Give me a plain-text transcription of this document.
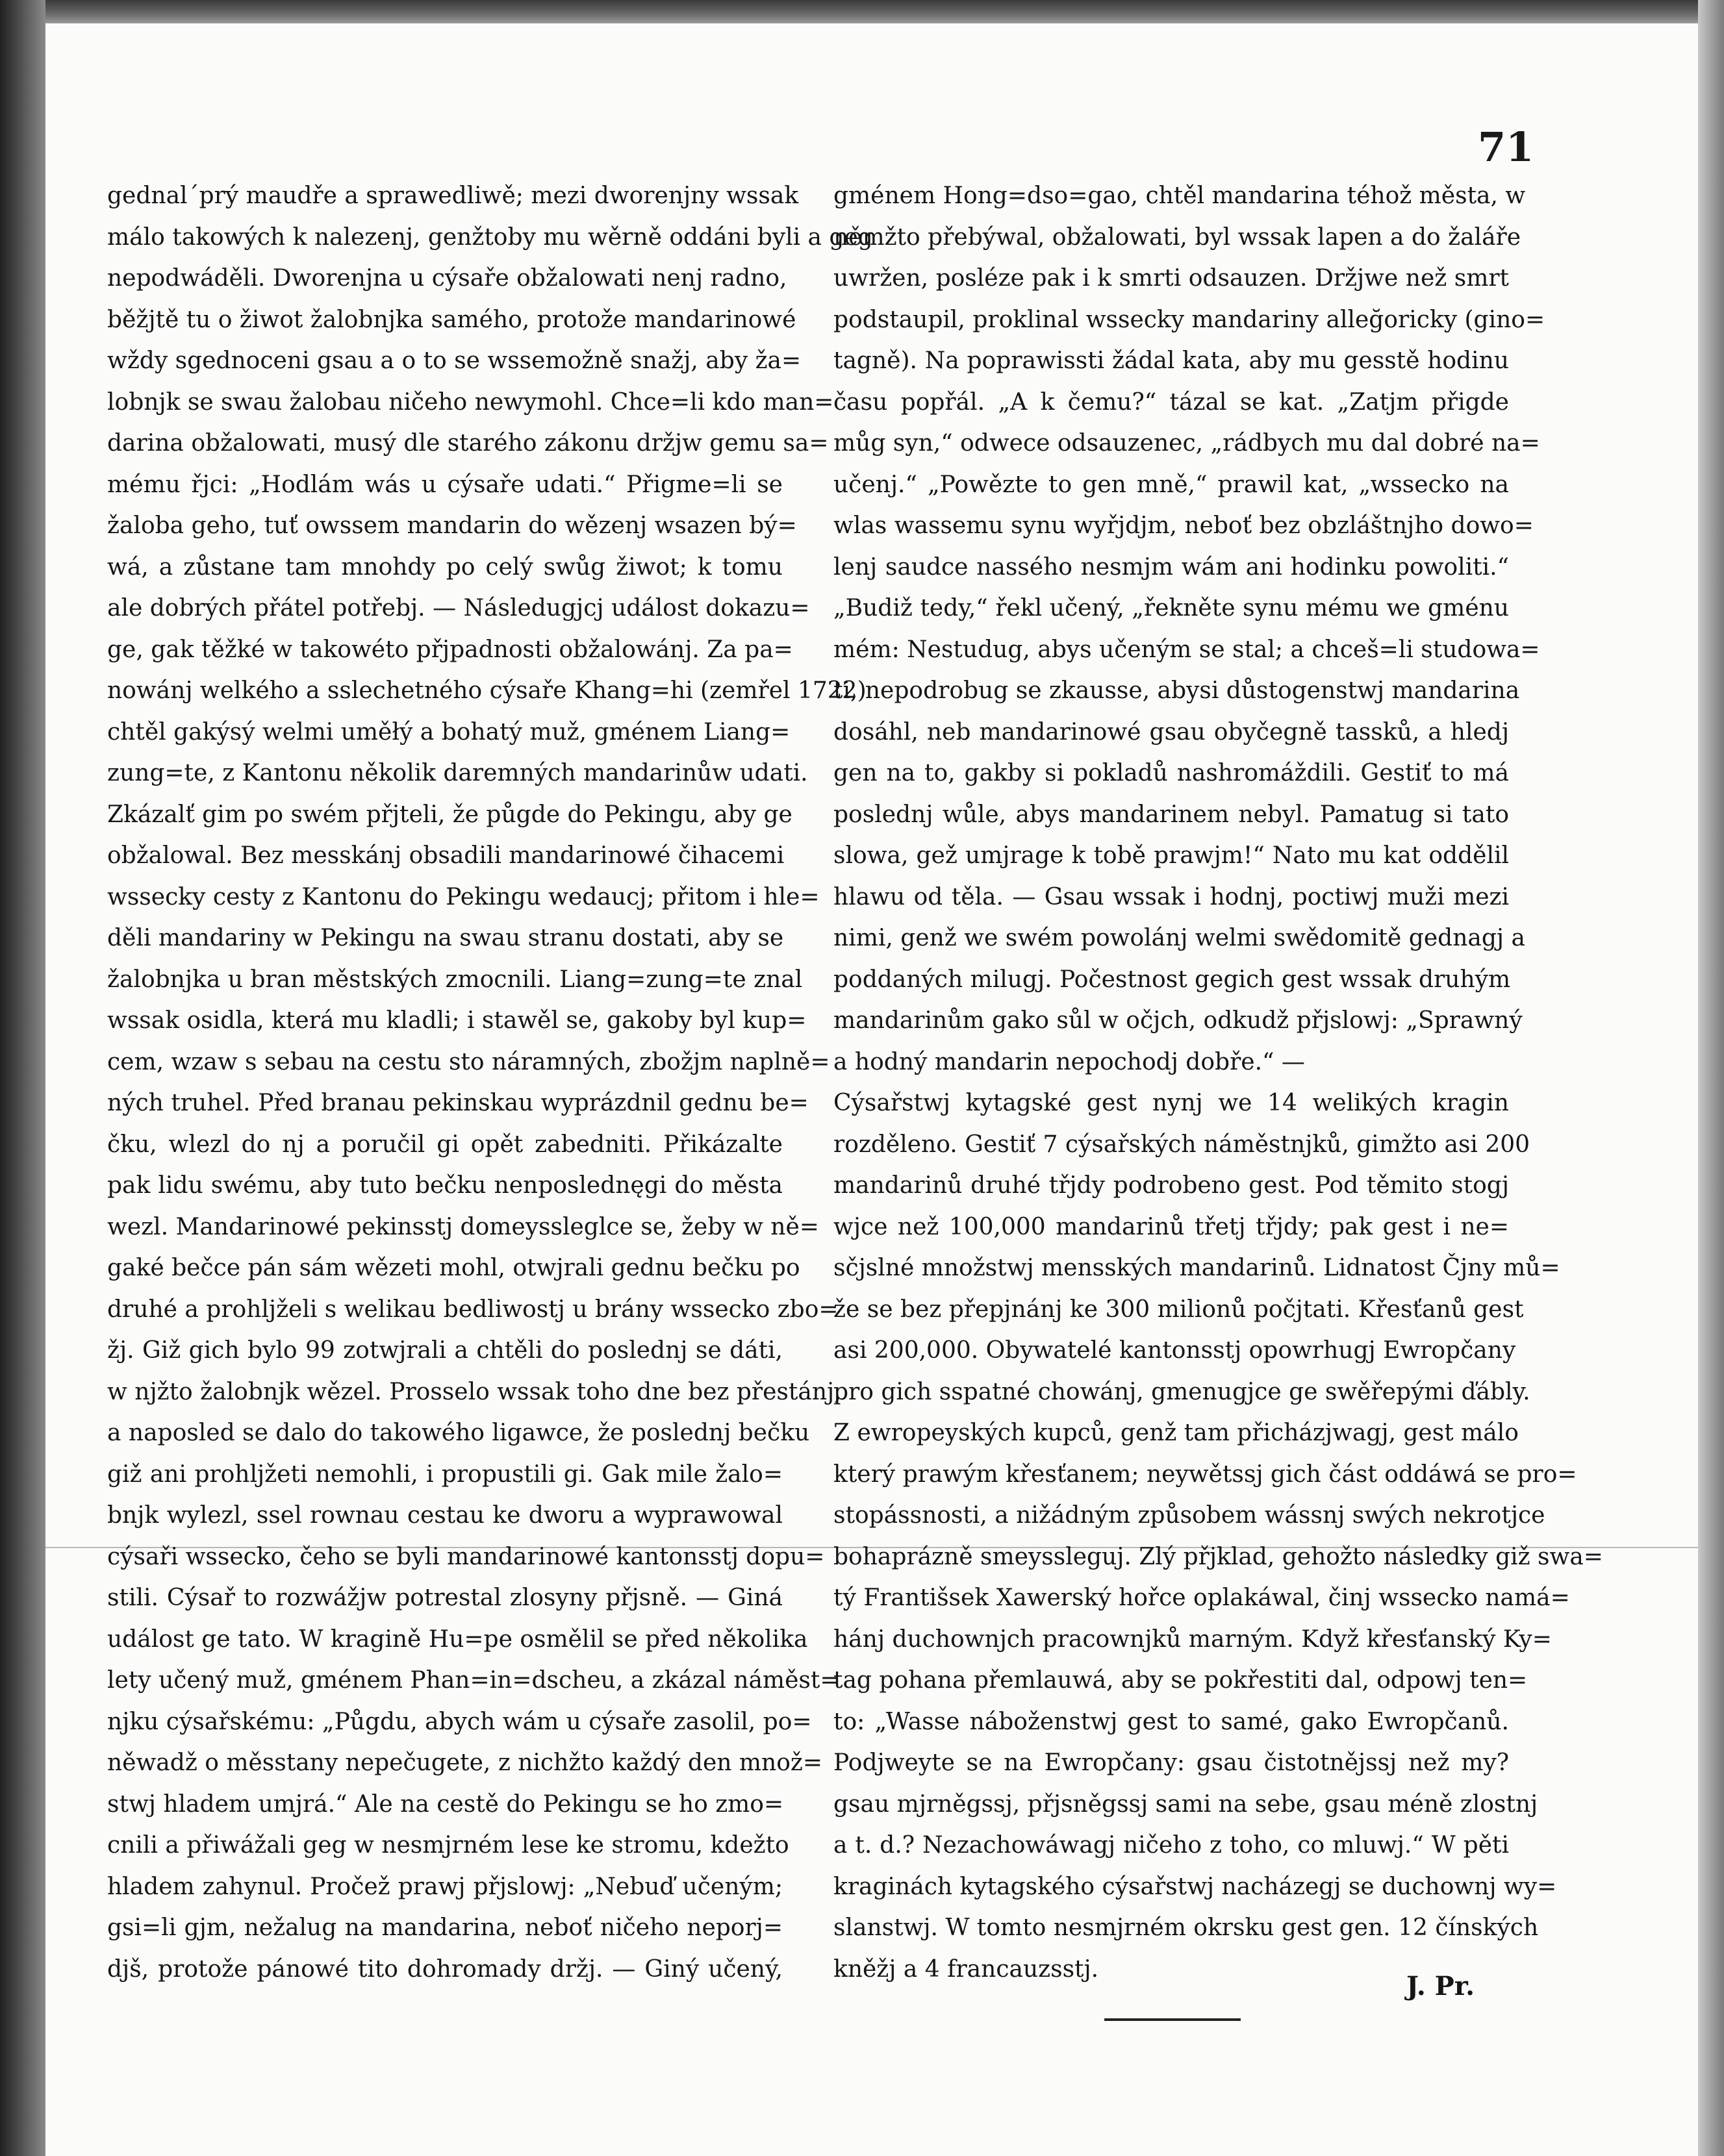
71
gednal´prý maudře a sprawedliwě; mezi dworenjny wssak
málo takowých k nalezenj, genžtoby mu wěrně oddáni byli a geg
nepodwáděli. Dworenjna u cýsaře obžalowati nenj radno,
běžjtě tu o žiwot žalobnjka samého, protože mandarinowé
wždy sgednoceni gsau a o to se wssemožně snažj, aby ža=
lobnjk se swau žalobau ničeho newymohl. Chce=li kdo man=
darina obžalowati, musý dle starého zákonu držjw gemu sa=
mému řjci: „Hodlám wás u cýsaře udati.“ Přigme=li se
žaloba geho, tuť owssem mandarin do wězenj wsazen bý=
wá, a zůstane tam mnohdy po celý swůg žiwot; k tomu
ale dobrých přátel potřebj. — Následugjcj událost dokazu=
ge, gak těžké w takowéto přjpadnosti obžalowánj. Za pa=
nowánj welkého a sslechetného cýsaře Khang=hi (zemřel 1722)
chtěl gakýsý welmi uměłý a bohatý muž, gménem Liang=
zung=te, z Kantonu několik daremných mandarinůw udati.
Zkázalť gim po swém přjteli, že půgde do Pekingu, aby ge
obžalowal. Bez messkánj obsadili mandarinowé čihacemi
wssecky cesty z Kantonu do Pekingu wedaucj; přitom i hle=
děli mandariny w Pekingu na swau stranu dostati, aby se
žalobnjka u bran městských zmocnili. Liang=zung=te znal
wssak osidla, která mu kladli; i stawěl se, gakoby byl kup=
cem, wzaw s sebau na cestu sto náramných, zbožjm naplně=
ných truhel. Před branau pekinskau wyprázdnil gednu be=
čku, wlezl do nj a poručil gi opět zabedniti. Přikázalte
pak lidu swému, aby tuto bečku nenposlednęgi do města
wezl. Mandarinowé pekinsstj domeyssleglce se, žeby w ně=
gaké bečce pán sám wězeti mohl, otwjrali gednu bečku po
druhé a prohljželi s welikau bedliwostj u brány wssecko zbo=
žj. Giž gich bylo 99 zotwjrali a chtěli do poslednj se dáti,
w njžto žalobnjk wězel. Prosselo wssak toho dne bez přestánj,
a naposled se dalo do takowého ligawce, že poslednj bečku
giž ani prohljžeti nemohli, i propustili gi. Gak mile žalo=
bnjk wylezl, ssel rownau cestau ke dworu a wyprawowal
cýsaři wssecko, čeho se byli mandarinowé kantonsstj dopu=
stili. Cýsař to rozwážjw potrestal zlosyny přjsně. — Giná
událost ge tato. W kragině Hu=pe osmělil se před několika
lety učený muž, gménem Phan=in=dscheu, a zkázal náměst=
njku cýsařskému: „Půgdu, abych wám u cýsaře zasolil, po=
něwadž o měsstany nepečugete, z nichžto každý den množ=
stwj hladem umjrá.“ Ale na cestě do Pekingu se ho zmo=
cnili a přiwážali geg w nesmjrném lese ke stromu, kdežto
hladem zahynul. Pročež prawj přjslowj: „Nebuď učeným;
gsi=li gjm, nežalug na mandarina, neboť ničeho neporj=
djš, protože pánowé tito dohromady držj. — Giný učený,
gménem Hong=dso=gao, chtěl mandarina téhož města, w
němžto přebýwal, obžalowati, byl wssak lapen a do žaláře
uwržen, posléze pak i k smrti odsauzen. Držjwe než smrt
podstaupil, proklinal wssecky mandariny alleğoricky (gino=
tagně). Na poprawissti žádal kata, aby mu gesstě hodinu
času popřál. „A k čemu?“ tázal se kat. „Zatjm přigde
můg syn,“ odwece odsauzenec, „rádbych mu dal dobré na=
učenj.“ „Powězte to gen mně,“ prawil kat, „wssecko na
wlas wassemu synu wyřjdjm, neboť bez obzláštnjho dowo=
lenj saudce nassého nesmjm wám ani hodinku powoliti.“
„Budiž tedy,“ řekl učený, „řekněte synu mému we gménu
mém: Nestudug, abys učeným se stal; a chceš=li studowa=
ti, nepodrobug se zkausse, abysi důstogenstwj mandarina
dosáhl, neb mandarinowé gsau obyčegně tassků, a hledj
gen na to, gakby si pokladů nashromáždili. Gestiť to má
poslednj wůle, abys mandarinem nebyl. Pamatug si tato
slowa, gež umjrage k tobě prawjm!“ Nato mu kat oddělil
hlawu od těla. — Gsau wssak i hodnj, poctiwj muži mezi
nimi, genž we swém powolánj welmi swědomitě gednagj a
poddaných milugj. Počestnost gegich gest wssak druhým
mandarinům gako sůl w očjch, odkudž přjslowj: „Sprawný
a hodný mandarin nepochodj dobře.“ —
Cýsařstwj kytagské gest nynj we 14 welikých kragin
rozděleno. Gestiť 7 cýsařských náměstnjků, gimžto asi 200
mandarinů druhé třjdy podrobeno gest. Pod těmito stogj
wjce než 100,000 mandarinů třetj třjdy; pak gest i ne=
sčjslné množstwj mensských mandarinů. Lidnatost Čjny mů=
že se bez přepjnánj ke 300 milionů počjtati. Křesťanů gest
asi 200,000. Obywatelé kantonsstj opowrhugj Ewropčany
pro gich sspatné chowánj, gmenugjce ge swěřepými ďábly.
Z ewropeyských kupců, genž tam přicházjwagj, gest málo
který prawým křesťanem; neywětssj gich část oddáwá se pro=
stopássnosti, a nižádným způsobem wássnj swých nekrotjce
bohaprázně smeyssleguj. Zlý přjklad, gehožto následky giž swa=
tý Františsek Xawerský hořce oplakáwal, činj wssecko namá=
hánj duchownjch pracownjků marným. Když křesťanský Ky=
tag pohana přemlauwá, aby se pokřestiti dal, odpowj ten=
to: „Wasse náboženstwj gest to samé, gako Ewropčanů.
Podjweyte se na Ewropčany: gsau čistotnějssj než my?
gsau mjrněgssj, přjsněgssj sami na sebe, gsau méně zlostnj
a t. d.? Nezachowáwagj ničeho z toho, co mluwj.“ W pěti
kraginách kytagského cýsařstwj nacházegj se duchownj wy=
slanstwj. W tomto nesmjrném okrsku gest gen. 12 čínských
kněžj a 4 francauzsstj.
J. Pr.
